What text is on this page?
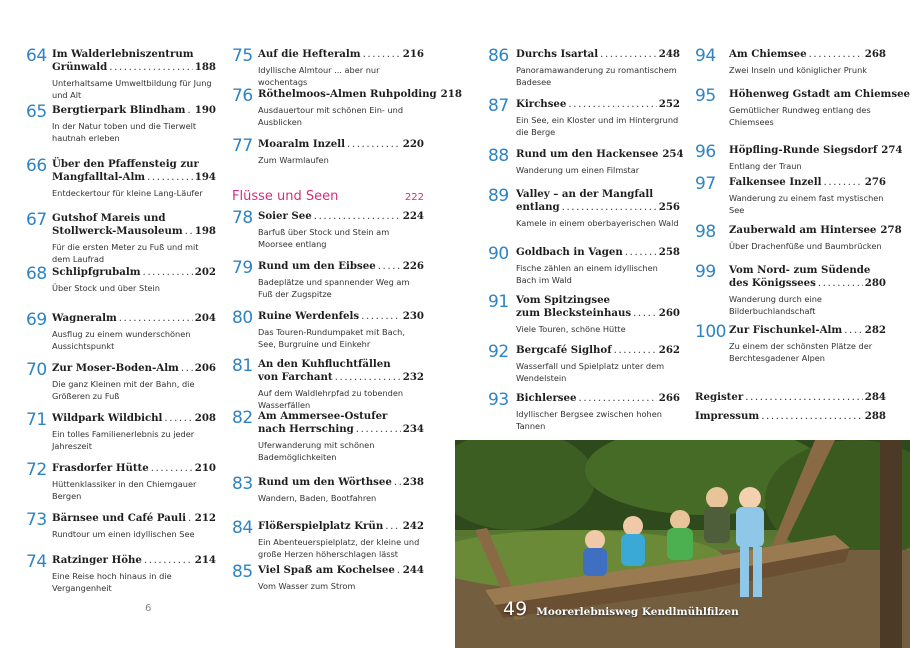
64 Im Walderlebniszentrum
Grünwald .....	188
Unterhaltsame Umweltbildung für Jung und Alt
65 Bergtierpark Blindham ..... 190
In der Natur toben und die Tierwelt hautnah erleben
66 Über den Pfaffensteig zur
Mangfalltal-Alm .....	194
Entdeckertour für kleine Lang-Läufer
67 Gutshof Mareis und
Stollwerck-Mausoleum ..... 198
Für die ersten Meter zu Fuß und mit dem Laufrad
68 Schlipfgrubalm .....	202
Über Stock und über Stein
69 Wagneralm .....	204
Ausflug zu einem wunderschönen Aussichtspunkt
70 Zur Moser-Boden-Alm ..... 206
Die ganz Kleinen mit der Bahn, die Größeren zu Fuß
71 Wildpark Wildbichl .....	208
Ein tolles Familienerlebnis zu jeder Jahreszeit
72 Frasdorfer Hütte .....	210
Hüttenklassiker in den Chiemgauer Bergen
73 Bärnsee und Café Pauli ..... 212
Rundtour um einen idyllischen See
74 Ratzinger Höhe .....	214
Eine Reise hoch hinaus in die Vergangenheit
75 Auf die Hefteralm .....	216
Idyllische Almtour ... aber nur wochentags
76 Röthelmoos-Almen Ruhpolding 218
Ausdauertour mit schönen Ein- und Ausblicken
77 Moaralm Inzell .....	220
Zum Warmlaufen
78 Soier See .....	224
Barfuß über Stock und Stein am Moorsee entlang
79 Rund um den Eibsee .....	226
Badeplätze und spannender Weg am Fuß der Zugspitze
80 Ruine Werdenfels .....	230
Das Touren-Rundumpaket mit Bach, See, Burgruine und Einkehr
81 An den Kuhfluchtfällen
von Farchant .....	232
Auf dem Waldlehrpfad zu tobenden Wasserfällen
82 Am Ammersee-Ostufer
nach Herrsching .....	234
Uferwanderung mit schönen Bademöglichkeiten
83 Rund um den Wörthsee ..... 238
Wandern, Baden, Bootfahren
84 Flößerspielplatz Krün ..... 242
Ein Abenteuerspielplatz, der kleine und große Herzen höherschlagen lässt
85 Viel Spaß am Kochelsee ..... 244
Vom Wasser zum Strom
86 Durchs Isartal .....	248
Panoramawanderung zu romantischem Badesee
87 Kirchsee .....	252
Ein See, ein Kloster und im Hintergrund die Berge
88 Rund um den Hackensee 254
Wanderung um einen Filmstar
89 Valley – an der Mangfall
entlang .....	256
Kamele in einem oberbayerischen Wald
90 Goldbach in Vagen .....	258
Fische zählen an einem idyllischen Bach im Wald
91 Vom Spitzingsee
zum Blecksteinhaus .....	260
Viele Touren, schöne Hütte
92 Bergcafé Siglhof .....	262
Wasserfall und Spielplatz unter dem Wendelstein
93 Bichlersee .....	266
Idyllischer Bergsee zwischen hohen Tannen
94 Am Chiemsee .....	268
Zwei Inseln und königlicher Prunk
95 Höhenweg Gstadt am Chiemsee
Gemütlicher Rundweg entlang des Chiemsees
96 Höpfling-Runde Siegsdorf 274
Entlang der Traun
97 Falkensee Inzell .....	276
Wanderung zu einem fast mystischen See
98 Zauberwald am Hintersee 278
Über Drachenfüße und Baumbrücken
99 Vom Nord- zum Südende
des Königssees .....	280
Wanderung durch eine Bilderbuchlandschaft
100 Zur Fischunkel-Alm ..... 282
Zu einem der schönsten Plätze der Berchtesgadener Alpen
Flüsse und Seen	222
Register .....	284
Impressum .....	288
6	49 Moorerlebnisweg Kendlmühlfilzen
